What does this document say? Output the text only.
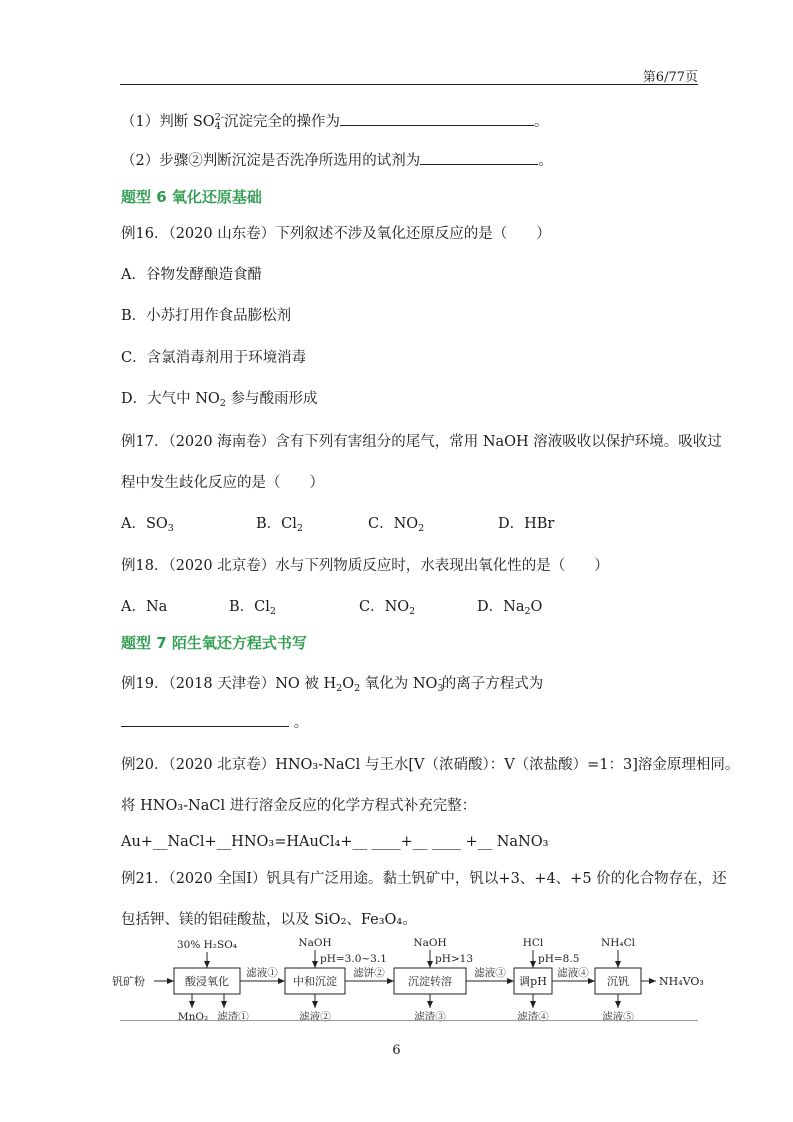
第6/77页
（1）判断 $SO_4^{2-}$沉淀完全的操作为	。
（2）步骤②判断沉淀是否洗净所选用的试剂为	。
题型 6 氧化还原基础
例16．（2020 山东卷）下列叙述不涉及氧化还原反应的是（　　）
A．谷物发酵酿造食醋
B．小苏打用作食品膨松剂
C．含氯消毒剂用于环境消毒
D．大气中 $NO_2$ 参与酸雨形成
例17．（2020 海南卷）含有下列有害组分的尾气，常用 NaOH 溶液吸收以保护环境。吸收过
程中发生歧化反应的是（　　）
A．$SO_3$	B．$Cl_2$	C．$NO_2$	D．HBr
例18．（2020 北京卷）水与下列物质反应时，水表现出氧化性的是（　　）
A．Na	B．$Cl_2$	C．$NO_2$	D．$Na_2O$
题型 7 陌生氧还方程式书写
例19．（2018 天津卷）NO 被 $H_2O_2$ 氧化为 $NO_3^-$的离子方程式为
。
例20．（2020 北京卷）HNO₃-NaCl 与王水[V（浓硝酸）：V（浓盐酸）=1：3]溶金原理相同。
将 HNO₃-NaCl 进行溶金反应的化学方程式补充完整：
Au+__NaCl+__HNO₃=HAuCl₄+__ ____+__ ____ +__ NaNO₃
例21．（2020 全国Ⅰ）钒具有广泛用途。黏土钒矿中，钒以+3、+4、+5 价的化合物存在，还
包括钾、镁的铝硅酸盐，以及 SiO₂、Fe₃O₄。
钒矿粉	酸浸氧化	中和沉淀	沉淀转溶	调pH	沉钒
滤液①	滤饼②	滤液③	滤液④
NH₄VO₃
30% H₂SO₄	NaOH
pH=3.0~3.1
NaOH
pH>13
HCl
pH=8.5
NH₄Cl
MnO₂ 滤渣①	滤液②	滤渣③	滤渣④	滤液⑤
6
